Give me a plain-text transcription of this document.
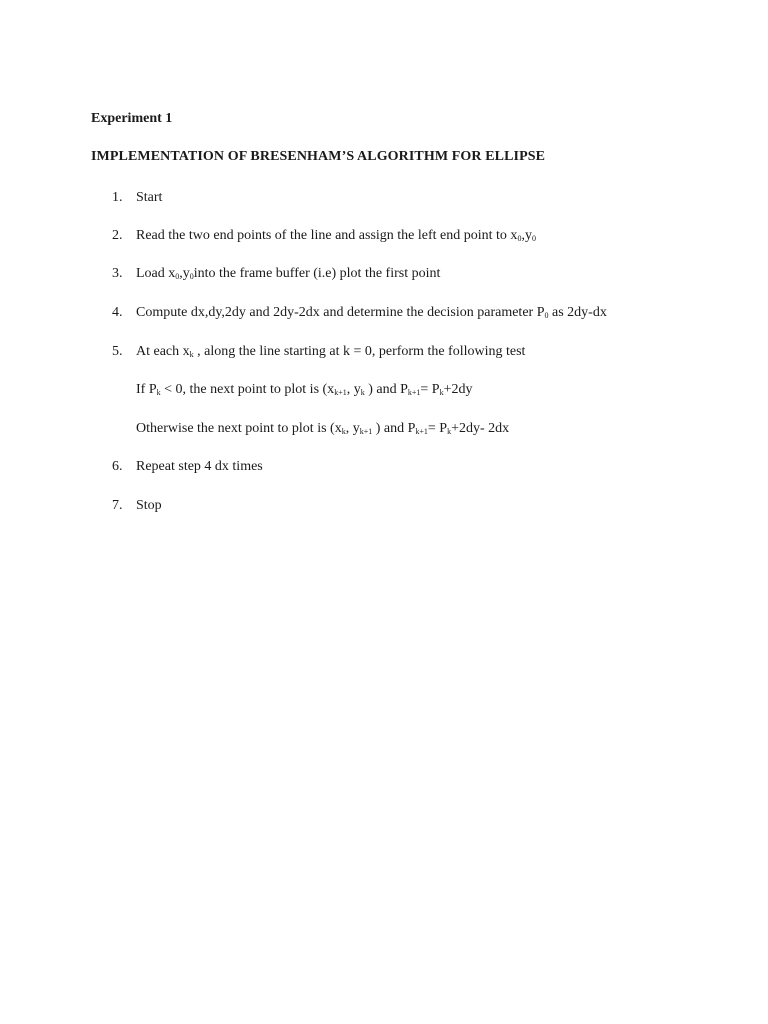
Experiment 1
IMPLEMENTATION OF BRESENHAM’S ALGORITHM FOR ELLIPSE
1. Start
2. Read the two end points of the line and assign the left end point to $x_0,y_0$
3. Load $x_0,y_0into$ the frame buffer (i.e) plot the first point
4. Compute dx,dy,2dy and 2dy-2dx and determine the decision parameter $P_0$ as 2dy-dx
5. At each $x_k$ , along the line starting at k = 0, perform the following test
If $P_k < 0$, the next point to plot is ($x_{k+1}$, $y_k$ ) and $P_{k+1}= P_k+2dy$
Otherwise the next point to plot is ($x_k$, $y_{k+1}$ ) and $P_{k+1}= P_k+2dy-$ 2dx
6. Repeat step 4 dx times
7. Stop
